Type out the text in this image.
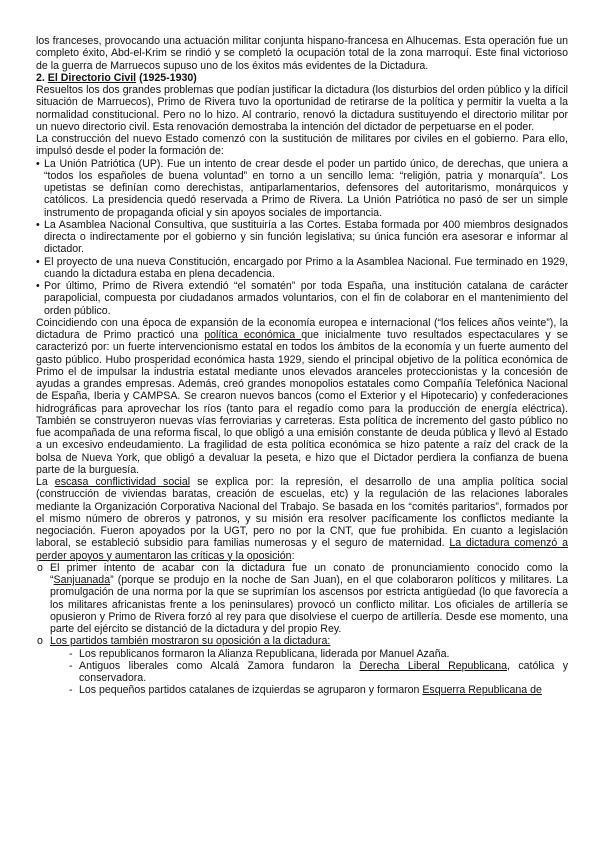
los franceses, provocando una actuación militar conjunta hispano-francesa en Alhucemas. Esta operación fue un completo éxito, Abd-el-Krim se rindió y se completó la ocupación total de la zona marroquí. Este final victorioso de la guerra de Marruecos supuso uno de los éxitos más evidentes de la Dictadura.

2. El Directorio Civil (1925-1930)

Resueltos los dos grandes problemas que podían justificar la dictadura (los disturbios del orden público y la difícil situación de Marruecos), Primo de Rivera tuvo la oportunidad de retirarse de la política y permitir la vuelta a la normalidad constitucional. Pero no lo hizo. Al contrario, renovó la dictadura sustituyendo el directorio militar por un nuevo directorio civil. Esta renovación demostraba la intención del dictador de perpetuarse en el poder.

La construcción del nuevo Estado comenzó con la sustitución de militares por civiles en el gobierno. Para ello, impulsó desde el poder la formación de:

• La Unión Patriótica (UP). Fue un intento de crear desde el poder un partido único, de derechas, que uniera a “todos los españoles de buena voluntad” en torno a un sencillo lema: “religión, patria y monarquía”. Los upetistas se definían como derechistas, antiparlamentarios, defensores del autoritarismo, monárquicos y católicos. La presidencia quedó reservada a Primo de Rivera. La Unión Patriótica no pasó de ser un simple instrumento de propaganda oficial y sin apoyos sociales de importancia.
• La Asamblea Nacional Consultiva, que sustituiría a las Cortes. Estaba formada por 400 miembros designados directa o indirectamente por el gobierno y sin función legislativa; su única función era asesorar e informar al dictador.
• El proyecto de una nueva Constitución, encargado por Primo a la Asamblea Nacional. Fue terminado en 1929, cuando la dictadura estaba en plena decadencia.
• Por último, Primo de Rivera extendió “el somatén” por toda España, una institución catalana de carácter parapolicial, compuesta por ciudadanos armados voluntarios, con el fin de colaborar en el mantenimiento del orden público.

Coincidiendo con una época de expansión de la economía europea e internacional (“los felices años veinte”), la dictadura de Primo practicó una política económica que inicialmente tuvo resultados espectaculares y se caracterizó por: un fuerte intervencionismo estatal en todos los ámbitos de la economía y un fuerte aumento del gasto público. Hubo prosperidad económica hasta 1929, siendo el principal objetivo de la política económica de Primo el de impulsar la industria estatal mediante unos elevados aranceles proteccionistas y la concesión de ayudas a grandes empresas. Además, creó grandes monopolios estatales como Compañía Telefónica Nacional de España, Iberia y CAMPSA. Se crearon nuevos bancos (como el Exterior y el Hipotecario) y confederaciones hidrográficas para aprovechar los ríos (tanto para el regadío como para la producción de energía eléctrica). También se construyeron nuevas vías ferroviarias y carreteras. Esta política de incremento del gasto público no fue acompañada de una reforma fiscal, lo que obligó a una emisión constante de deuda pública y llevó al Estado a un excesivo endeudamiento. La fragilidad de esta política económica se hizo patente a raíz del crack de la bolsa de Nueva York, que obligó a devaluar la peseta, e hizo que el Dictador perdiera la confianza de buena parte de la burguesía.

La escasa conflictividad social se explica por: la represión, el desarrollo de una amplia política social (construcción de viviendas baratas, creación de escuelas, etc) y la regulación de las relaciones laborales mediante la Organización Corporativa Nacional del Trabajo. Se basada en los “comités paritarios”, formados por el mismo número de obreros y patronos, y su misión era resolver pacíficamente los conflictos mediante la negociación. Fueron apoyados por la UGT, pero no por la CNT, que fue prohibida. En cuanto a legislación laboral, se estableció subsidio para familias numerosas y el seguro de maternidad. La dictadura comenzó a perder apoyos y aumentaron las críticas y la oposición:

o El primer intento de acabar con la dictadura fue un conato de pronunciamiento conocido como la “Sanjuanada” (porque se produjo en la noche de San Juan), en el que colaboraron políticos y militares. La promulgación de una norma por la que se suprimían los ascensos por estricta antigüedad (lo que favorecía a los militares africanistas frente a los peninsulares) provocó un conflicto militar. Los oficiales de artillería se opusieron y Primo de Rivera forzó al rey para que disolviese el cuerpo de artillería. Desde ese momento, una parte del ejército se distanció de la dictadura y del propio Rey.
o Los partidos también mostraron su oposición a la dictadura:
- Los republicanos formaron la Alianza Republicana, liderada por Manuel Azaña.
- Antiguos liberales como Alcalá Zamora fundaron la Derecha Liberal Republicana, católica y conservadora.
- Los pequeños partidos catalanes de izquierdas se agruparon y formaron Esquerra Republicana de
